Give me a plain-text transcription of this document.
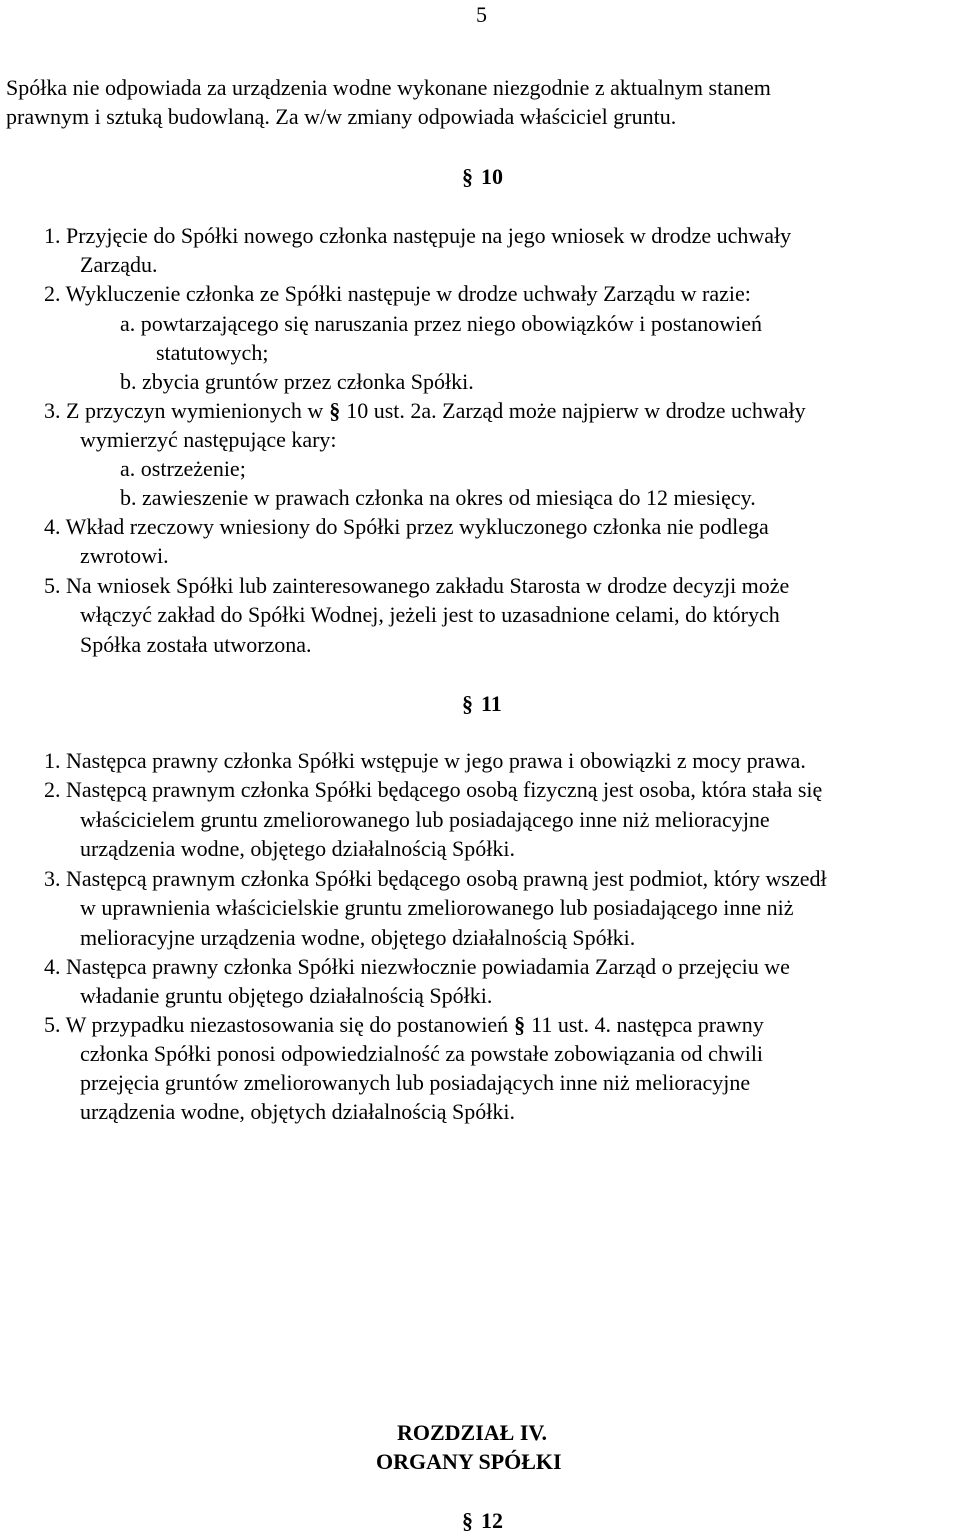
5
Spółka nie odpowiada za urządzenia wodne wykonane niezgodnie z aktualnym stanem
prawnym i sztuką budowlaną. Za w/w zmiany odpowiada właściciel gruntu.
§ 10
1. Przyjęcie do Spółki nowego członka następuje na jego wniosek w drodze uchwały
Zarządu.
2. Wykluczenie członka ze Spółki następuje w drodze uchwały Zarządu w razie:
a. powtarzającego się naruszania przez niego obowiązków i postanowień
statutowych;
b. zbycia gruntów przez członka Spółki.
3. Z przyczyn wymienionych w § 10 ust. 2a. Zarząd może najpierw w drodze uchwały
wymierzyć następujące kary:
a. ostrzeżenie;
b. zawieszenie w prawach członka na okres od miesiąca do 12 miesięcy.
4. Wkład rzeczowy wniesiony do Spółki przez wykluczonego członka nie podlega
zwrotowi.
5. Na wniosek Spółki lub zainteresowanego zakładu Starosta w drodze decyzji może
włączyć zakład do Spółki Wodnej, jeżeli jest to uzasadnione celami, do których
Spółka została utworzona.
§ 11
1. Następca prawny członka Spółki wstępuje w jego prawa i obowiązki z mocy prawa.
2. Następcą prawnym członka Spółki będącego osobą fizyczną jest osoba, która stała się
właścicielem gruntu zmeliorowanego lub posiadającego inne niż melioracyjne
urządzenia wodne, objętego działalnością Spółki.
3. Następcą prawnym członka Spółki będącego osobą prawną jest podmiot, który wszedł
w uprawnienia właścicielskie gruntu zmeliorowanego lub posiadającego inne niż
melioracyjne urządzenia wodne, objętego działalnością Spółki.
4. Następca prawny członka Spółki niezwłocznie powiadamia Zarząd o przejęciu we
władanie gruntu objętego działalnością Spółki.
5. W przypadku niezastosowania się do postanowień § 11 ust. 4. następca prawny
członka Spółki ponosi odpowiedzialność za powstałe zobowiązania od chwili
przejęcia gruntów zmeliorowanych lub posiadających inne niż melioracyjne
urządzenia wodne, objętych działalnością Spółki.
ROZDZIAŁ IV.
ORGANY SPÓŁKI
§ 12
